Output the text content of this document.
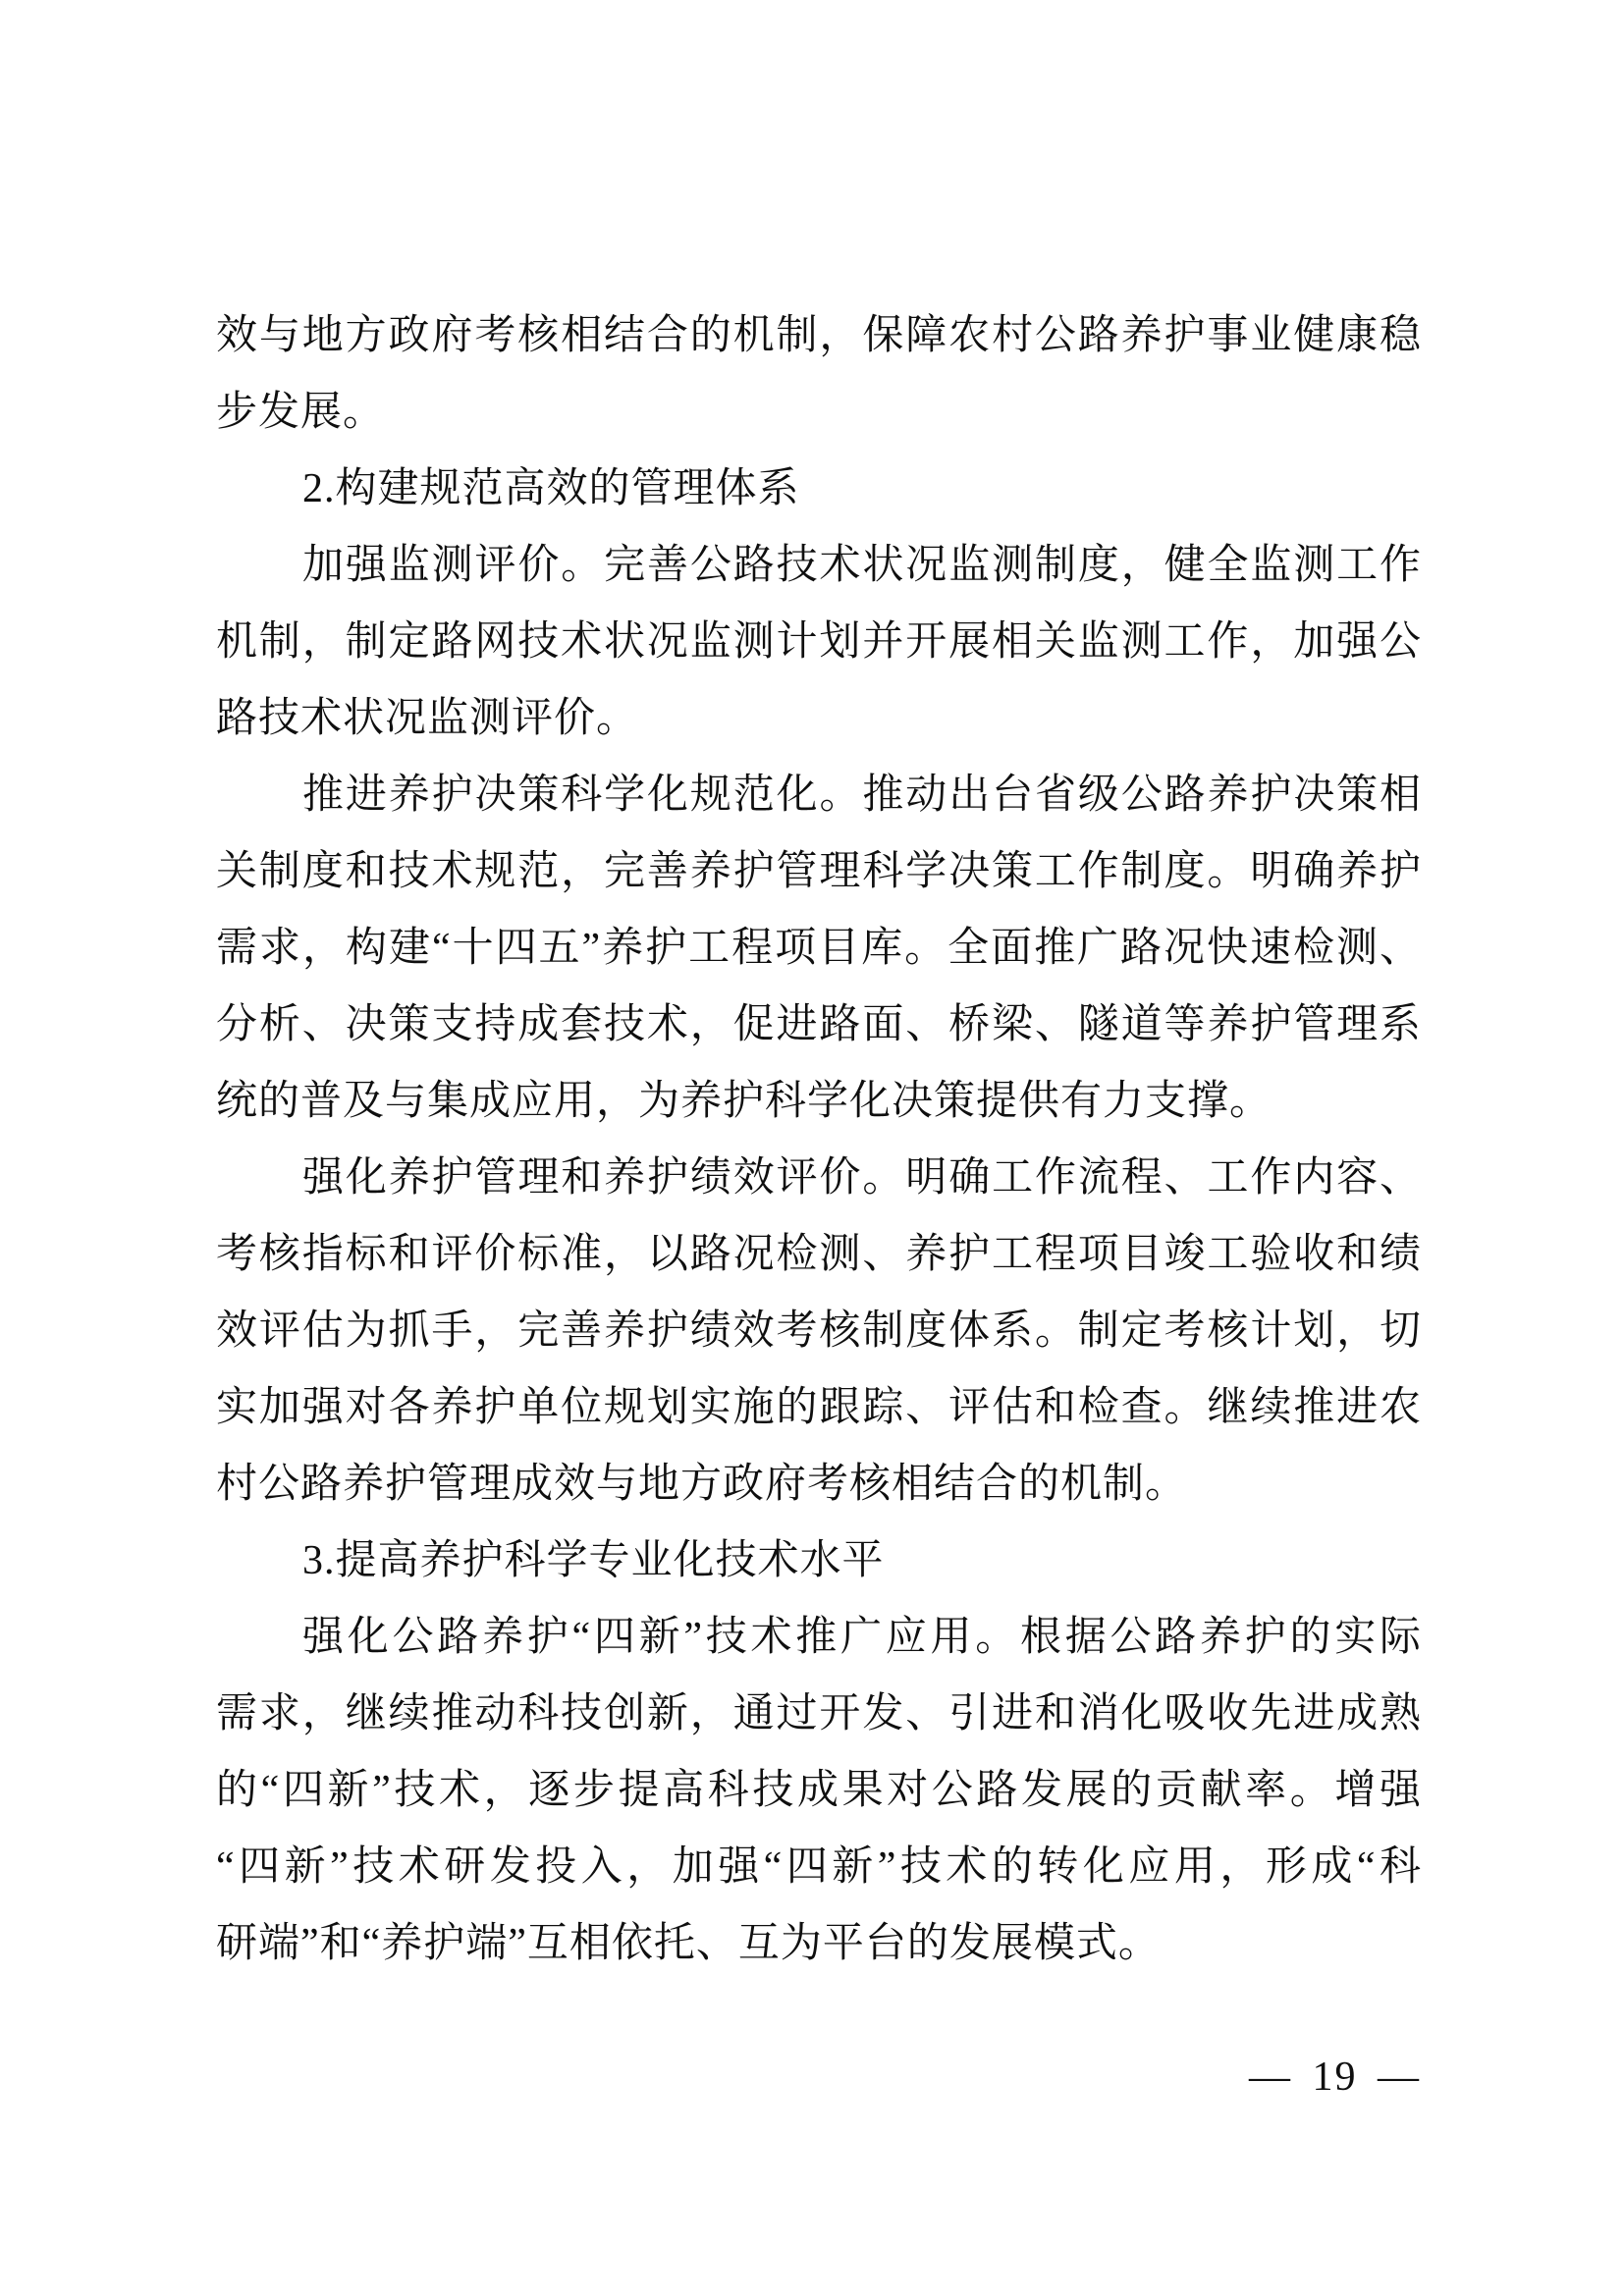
效与地方政府考核相结合的机制，保障农村公路养护事业健康稳
步发展。
2.构建规范高效的管理体系
加强监测评价。完善公路技术状况监测制度，健全监测工作
机制，制定路网技术状况监测计划并开展相关监测工作，加强公
路技术状况监测评价。
推进养护决策科学化规范化。推动出台省级公路养护决策相
关制度和技术规范，完善养护管理科学决策工作制度。明确养护
需求，构建“十四五”养护工程项目库。全面推广路况快速检测、
分析、决策支持成套技术，促进路面、桥梁、隧道等养护管理系
统的普及与集成应用，为养护科学化决策提供有力支撑。
强化养护管理和养护绩效评价。明确工作流程、工作内容、
考核指标和评价标准，以路况检测、养护工程项目竣工验收和绩
效评估为抓手，完善养护绩效考核制度体系。制定考核计划，切
实加强对各养护单位规划实施的跟踪、评估和检查。继续推进农
村公路养护管理成效与地方政府考核相结合的机制。
3.提高养护科学专业化技术水平
强化公路养护“四新”技术推广应用。根据公路养护的实际
需求，继续推动科技创新，通过开发、引进和消化吸收先进成熟
的“四新”技术，逐步提高科技成果对公路发展的贡献率。增强
“四新”技术研发投入，加强“四新”技术的转化应用，形成“科
研端”和“养护端”互相依托、互为平台的发展模式。
— 19 —
